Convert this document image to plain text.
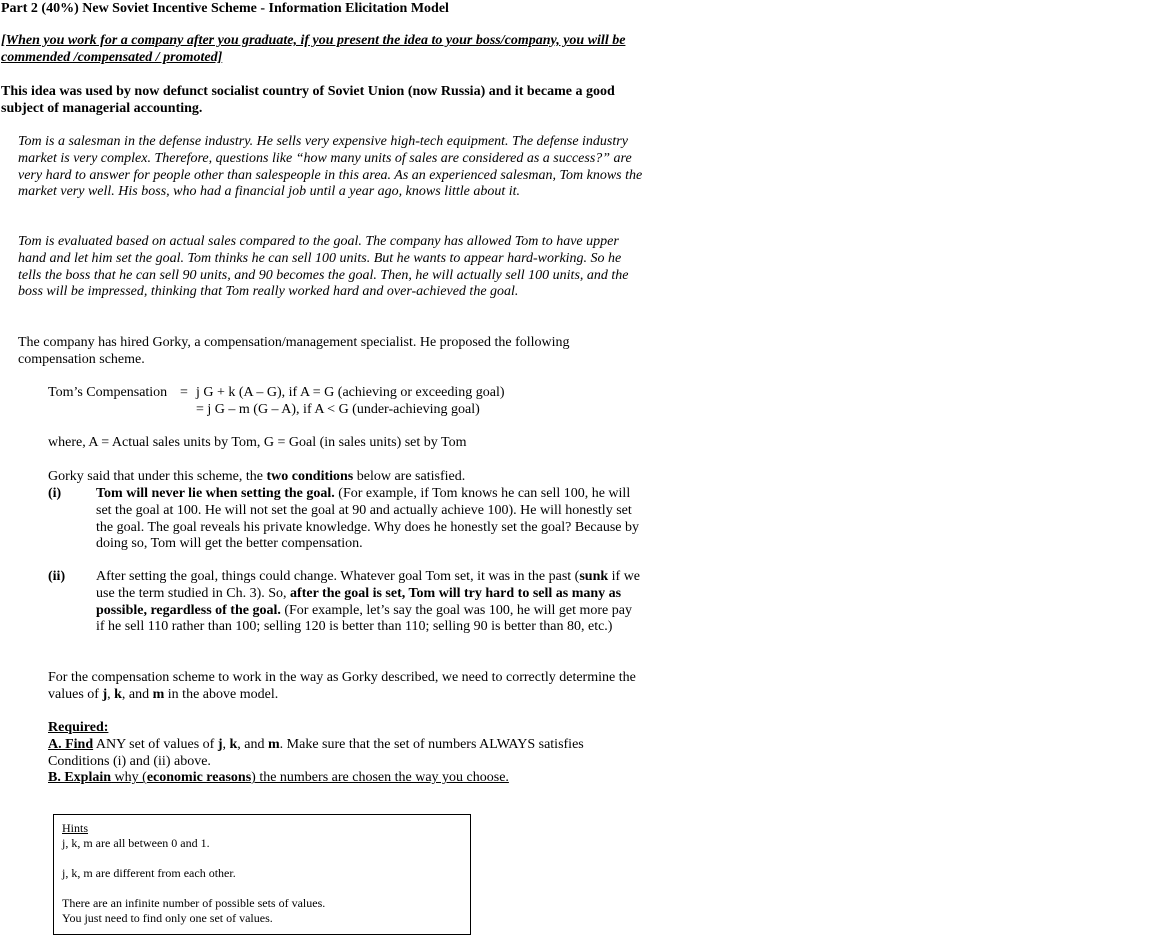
Part 2 (40%) New Soviet Incentive Scheme - Information Elicitation Model
[When you work for a company after you graduate, if you present the idea to your boss/company, you will be commended /compensated / promoted]
This idea was used by now defunct socialist country of Soviet Union (now Russia) and it became a good subject of managerial accounting.
Tom is a salesman in the defense industry. He sells very expensive high-tech equipment. The defense industry market is very complex. Therefore, questions like “how many units of sales are considered as a success?” are very hard to answer for people other than salespeople in this area. As an experienced salesman, Tom knows the market very well. His boss, who had a financial job until a year ago, knows little about it.
Tom is evaluated based on actual sales compared to the goal. The company has allowed Tom to have upper hand and let him set the goal. Tom thinks he can sell 100 units. But he wants to appear hard-working. So he tells the boss that he can sell 90 units, and 90 becomes the goal. Then, he will actually sell 100 units, and the boss will be impressed, thinking that Tom really worked hard and over-achieved the goal.
The company has hired Gorky, a compensation/management specialist. He proposed the following compensation scheme.
Tom’s Compensation = j G + k (A – G), if A = G (achieving or exceeding goal)
= j G – m (G – A), if A < G (under-achieving goal)
where, A = Actual sales units by Tom, G = Goal (in sales units) set by Tom
Gorky said that under this scheme, the two conditions below are satisfied.
(i)	Tom will never lie when setting the goal. (For example, if Tom knows he can sell 100, he will set the goal at 100. He will not set the goal at 90 and actually achieve 100). He will honestly set the goal. The goal reveals his private knowledge. Why does he honestly set the goal? Because by doing so, Tom will get the better compensation.
(ii)	After setting the goal, things could change. Whatever goal Tom set, it was in the past (sunk if we use the term studied in Ch. 3). So, after the goal is set, Tom will try hard to sell as many as possible, regardless of the goal. (For example, let’s say the goal was 100, he will get more pay if he sell 110 rather than 100; selling 120 is better than 110; selling 90 is better than 80, etc.)
For the compensation scheme to work in the way as Gorky described, we need to correctly determine the values of j, k, and m in the above model.
Required:
A. Find ANY set of values of j, k, and m. Make sure that the set of numbers ALWAYS satisfies Conditions (i) and (ii) above.
B. Explain why (economic reasons) the numbers are chosen the way you choose.

Hints

j, k, m are all between 0 and 1.

j, k, m are different from each other.

There are an infinite number of possible sets of values.

You just need to find only one set of values.
